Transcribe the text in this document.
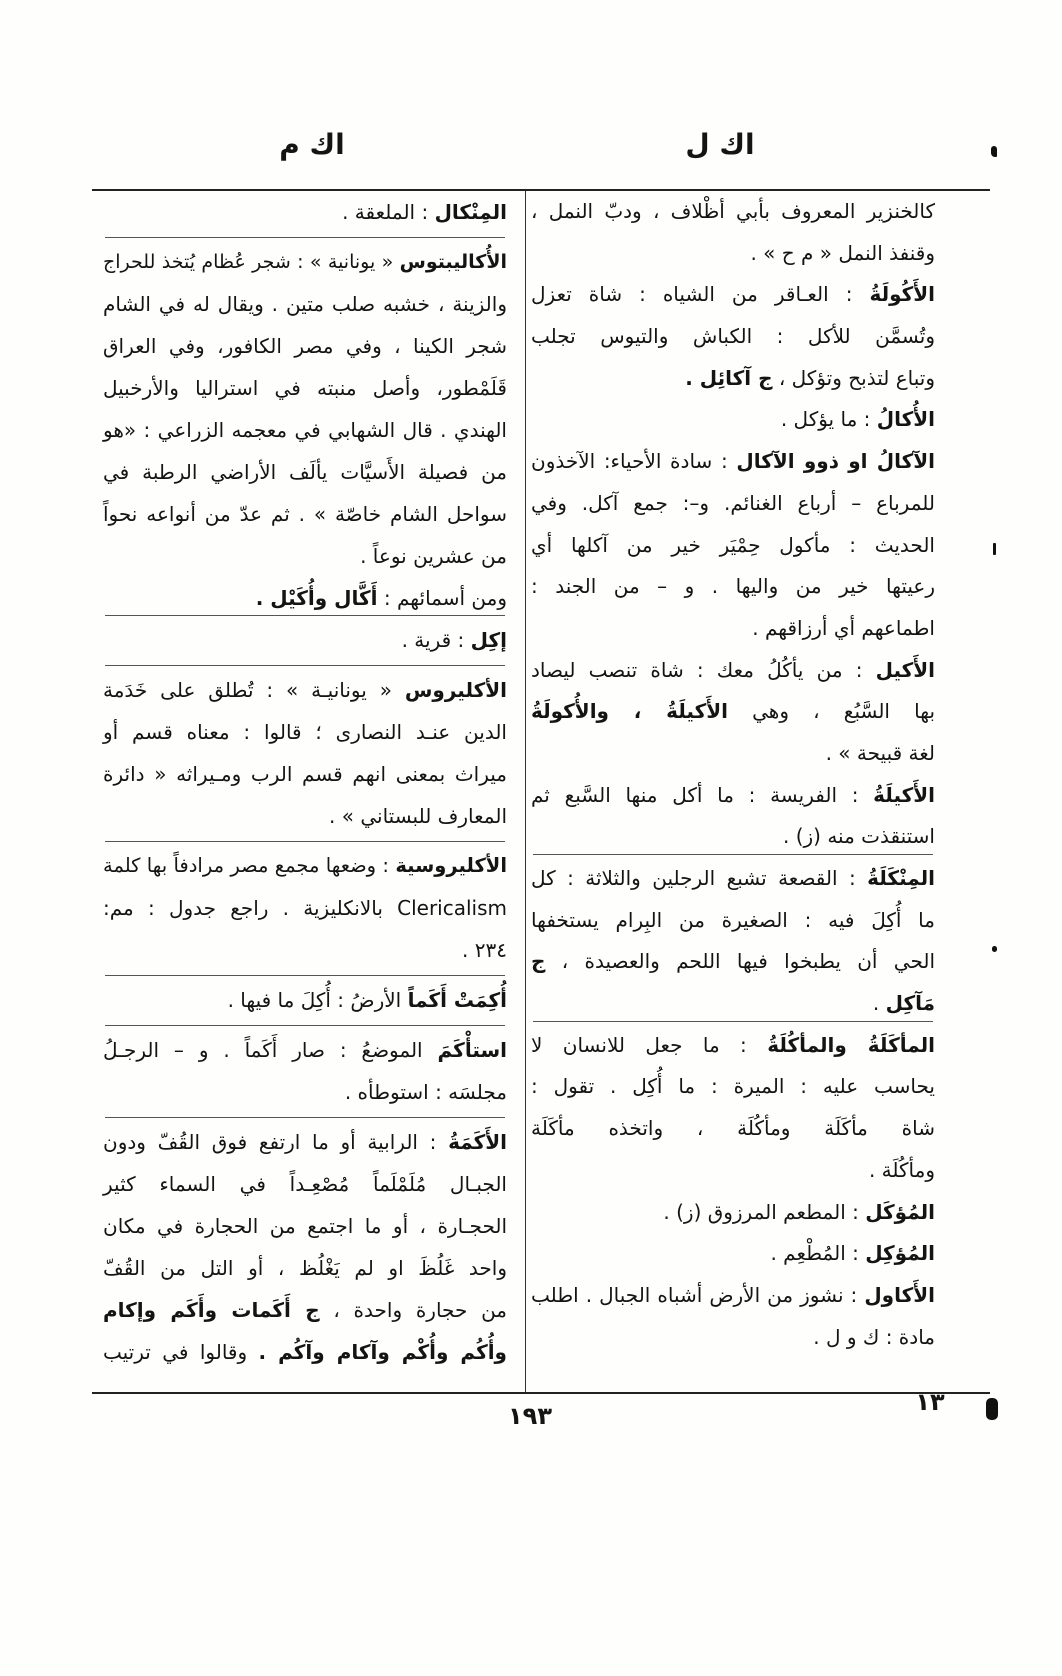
اك ل
اك م
كالخنزير المعروف بأبي أظْلاف ، ودبّ النمل ،
وقنفذ النمل « م ح » .
الأَكُولَةُ : العـاقر من الشياه : شاة تعزل
وتُسمَّن للأكل : الكباش والتيوس تجلب
وتباع لتذبح وتؤكل ، ج آكائِل .
الأُكالُ : ما يؤكل .
الآكالُ او ذوو الآكال : سادة الأحياء: الآخذون
للمرباع – أرباع الغنائم. و–: جمع آكل. وفي
الحديث : مأكول حِمْيَر خير من آكلها أي
رعيتها خير من واليها . و – من الجند :
اطماعهم أي أرزاقهم .
الأَكيل : من يأكُلُ معك : شاة تنصب ليصاد
بها السَّبُع ، وهي الأَكيلَةُ ، والأُكولَةُ
لغة قبيحة » .
الأَكيلَةُ : الفريسة : ما أكل منها السَّبع ثم
استنقذت منه (ز) .
المِنْكَلَةُ : القصعة تشبع الرجلين والثلاثة : كل
ما أُكِلَ فيه : الصغيرة من البِرام يستخفها
الحي أن يطبخوا فيها اللحم والعصيدة ، ج
مَآكِل .
المأكَلَةُ والمأكُلَةُ : ما جعل للانسان لا
يحاسب عليه : الميرة : ما أُكِل . تقول :
شاة مأكَلَة ومأكُلَة ، واتخذه مأكَلَة
ومأكُلَة .
المُؤكَل : المطعم المرزوق (ز) .
المُؤكِل : المُطْعِم .
الأَكاول : نشوز من الأرض أشباه الجبال . اطلب
مادة : ك و ل .
المِنْكال : الملعقة .
الأُكاليبتوس « يونانية » : شجر عُظام يُتخذ للحراج
والزينة ، خشبه صلب متين . ويقال له في الشام
شجر الكينا ، وفي مصر الكافور، وفي العراق
قَلَمْطور، وأصل منبته في استراليا والأرخبيل
الهندي . قال الشهابي في معجمه الزراعي : «هو
من فصيلة الأَسيَّات يألَف الأراضي الرطبة في
سواحل الشام خاصّة » . ثم عدّ من أنواعه نحواً
من عشرين نوعاً .
ومن أسمائهم : أَكَّال وأُكَيْل .
إكِل : قرية .
الأكليروس « يونانيـة » : تُطلق على خَدَمة
الدين عنـد النصارى ؛ قالوا : معناه قسم أو
ميراث بمعنى انهم قسم الرب ومـيراثه « دائرة
المعارف للبستاني » .
الأكليروسية : وضعها مجمع مصر مرادفاً بها كلمة
Clericalism بالانكليزية . راجع جدول : مم:
٢٣٤ .
أُكِمَتْ أَكَماً الأرضُ : أُكِلَ ما فيها .
استأْكَمَ الموضعُ : صار أَكَماً . و – الرجـلُ
مجلسَه : استوطأه .
الأَكَمَةُ : الرابية أو ما ارتفع فوق القُفّ ودون
الجبـال مُلَمْلَماً مُصْعِـداً في السماء كثير
الحجـارة ، أو ما اجتمع من الحجارة في مكان
واحد غَلُظَ او لم يَغْلُظ ، أو التل من القُفّ
من حجارة واحدة ، ج أَكَمات وأَكَم وإكام
وأُكُم وأُكْم وآكام وآكُم . وقالوا في ترتيب
١٩٣	١٣
